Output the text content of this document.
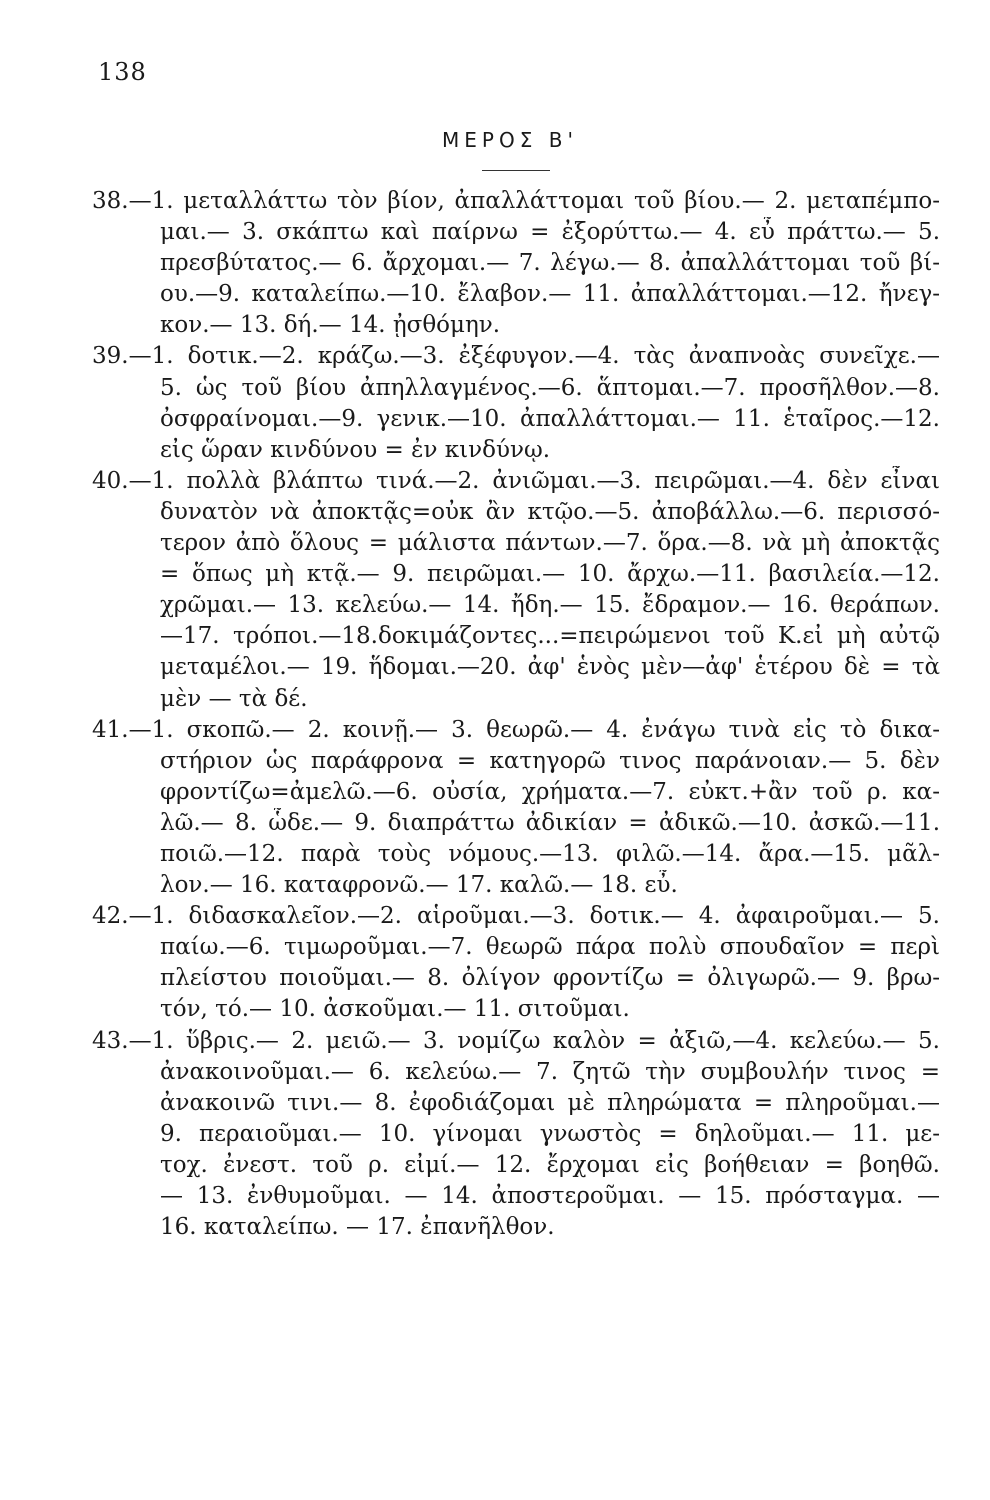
138
ΜΕΡΟΣ Β'
38.—1. μεταλλάττω τὸν βίον, ἀπαλλάττομαι τοῦ βίου.— 2. μεταπέμπο-
μαι.— 3. σκάπτω καὶ παίρνω = ἐξορύττω.— 4. εὖ πράττω.— 5.
πρεσβύτατος.— 6. ἄρχομαι.— 7. λέγω.— 8. ἀπαλλάττομαι τοῦ βί-
ου.—9. καταλείπω.—10. ἔλαβον.— 11. ἀπαλλάττομαι.—12. ἤνεγ-
κον.— 13. δή.— 14. ᾐσθόμην.
39.—1. δοτικ.—2. κράζω.—3. ἐξέφυγον.—4. τὰς ἀναπνοὰς συνεῖχε.—
5. ὡς τοῦ βίου ἀπηλλαγμένος.—6. ἅπτομαι.—7. προσῆλθον.—8.
ὀσφραίνομαι.—9. γενικ.—10. ἀπαλλάττομαι.— 11. ἑταῖρος.—12.
εἰς ὥραν κινδύνου = ἐν κινδύνῳ.
40.—1. πολλὰ βλάπτω τινά.—2. ἀνιῶμαι.—3. πειρῶμαι.—4. δὲν εἶναι
δυνατὸν νὰ ἀποκτᾷς=οὐκ ἂν κτῷο.—5. ἀποβάλλω.—6. περισσό-
τερον ἀπὸ ὅλους = μάλιστα πάντων.—7. ὅρα.—8. νὰ μὴ ἀποκτᾷς
= ὅπως μὴ κτᾷ.— 9. πειρῶμαι.— 10. ἄρχω.—11. βασιλεία.—12.
χρῶμαι.— 13. κελεύω.— 14. ἤδη.— 15. ἔδραμον.— 16. θεράπων.
—17. τρόποι.—18.δοκιμάζοντες...=πειρώμενοι τοῦ Κ.εἰ μὴ αὐτῷ
μεταμέλοι.— 19. ἥδομαι.—20. ἀφ' ἑνὸς μὲν—ἀφ' ἑτέρου δὲ = τὰ
μὲν — τὰ δέ.
41.—1. σκοπῶ.— 2. κοινῇ.— 3. θεωρῶ.— 4. ἐνάγω τινὰ εἰς τὸ δικα-
στήριον ὡς παράφρονα = κατηγορῶ τινος παράνοιαν.— 5. δὲν
φροντίζω=ἀμελῶ.—6. οὐσία, χρήματα.—7. εὐκτ.+ἂν τοῦ ρ. κα-
λῶ.— 8. ὧδε.— 9. διαπράττω ἀδικίαν = ἀδικῶ.—10. ἀσκῶ.—11.
ποιῶ.—12. παρὰ τοὺς νόμους.—13. φιλῶ.—14. ἄρα.—15. μᾶλ-
λον.— 16. καταφρονῶ.— 17. καλῶ.— 18. εὖ.
42.—1. διδασκαλεῖον.—2. αἱροῦμαι.—3. δοτικ.— 4. ἀφαιροῦμαι.— 5.
παίω.—6. τιμωροῦμαι.—7. θεωρῶ πάρα πολὺ σπουδαῖον = περὶ
πλείστου ποιοῦμαι.— 8. ὀλίγον φροντίζω = ὀλιγωρῶ.— 9. βρω-
τόν, τό.— 10. ἀσκοῦμαι.— 11. σιτοῦμαι.
43.—1. ὕβρις.— 2. μειῶ.— 3. νομίζω καλὸν = ἀξιῶ,—4. κελεύω.— 5.
ἀνακοινοῦμαι.— 6. κελεύω.— 7. ζητῶ τὴν συμβουλήν τινος =
ἀνακοινῶ τινι.— 8. ἐφοδιάζομαι μὲ πληρώματα = πληροῦμαι.—
9. περαιοῦμαι.— 10. γίνομαι γνωστὸς = δηλοῦμαι.— 11. με-
τοχ. ἐνεστ. τοῦ ρ. εἰμί.— 12. ἔρχομαι εἰς βοήθειαν = βοηθῶ.
— 13. ἐνθυμοῦμαι. — 14. ἀποστεροῦμαι. — 15. πρόσταγμα. —
16. καταλείπω. — 17. ἐπανῆλθον.
